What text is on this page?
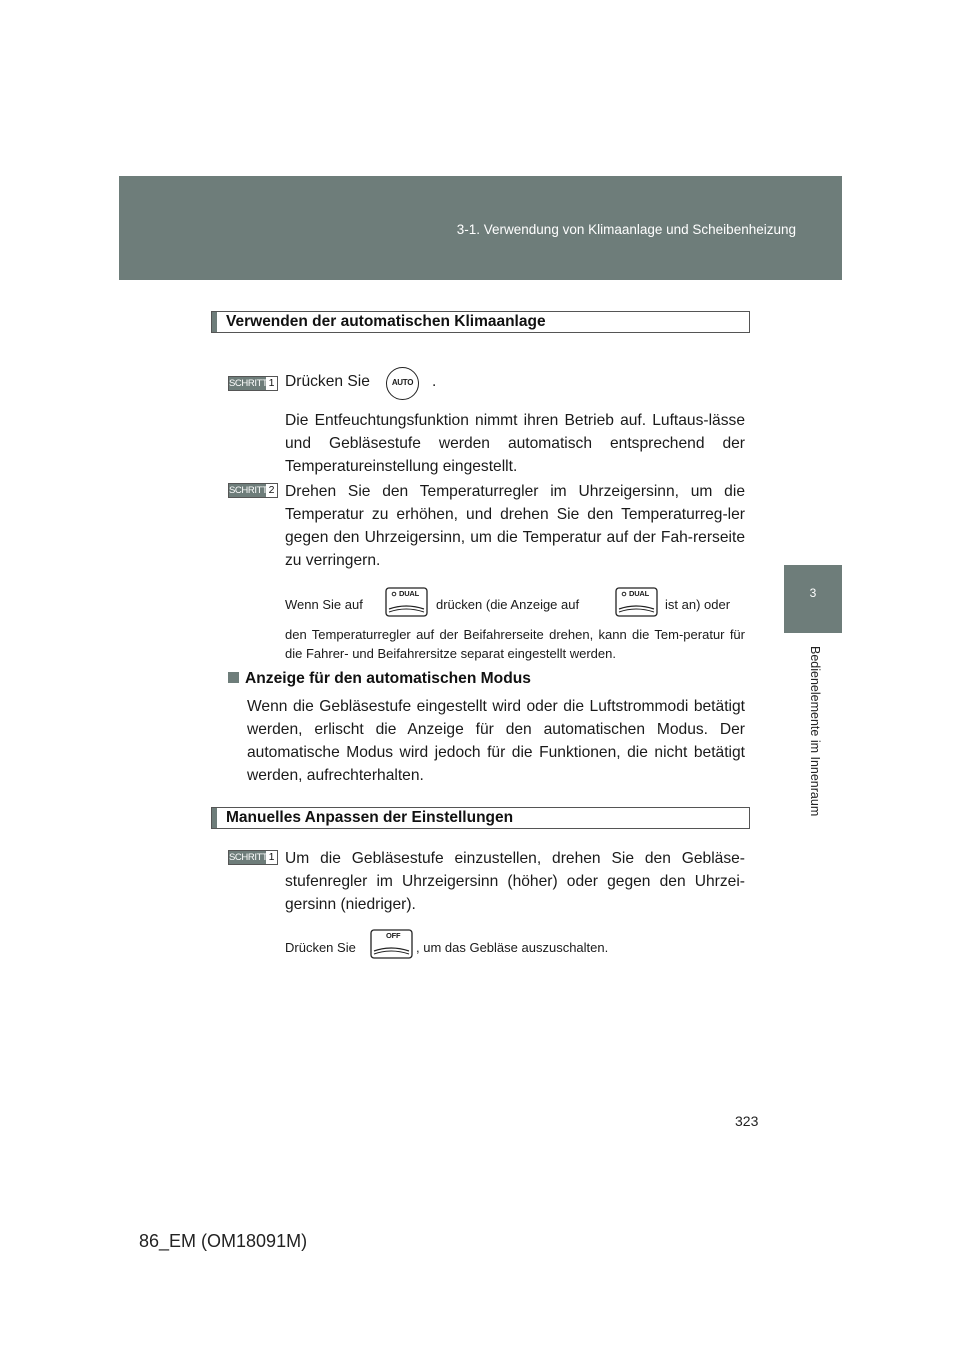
3-1. Verwendung von Klimaanlage und Scheibenheizung
3
Bedienelemente im Innenraum
Verwenden der automatischen Klimaanlage
SCHRITT 1 Drücken Sie	AUTO	.
Die Entfeuchtungsfunktion nimmt ihren Betrieb auf. Luftaus-lässe und Gebläsestufe werden automatisch entsprechend der Temperatureinstellung eingestellt.
SCHRITT 2 Drehen Sie den Temperaturregler im Uhrzeigersinn, um die Temperatur zu erhöhen, und drehen Sie den Temperaturreg-ler gegen den Uhrzeigersinn, um die Temperatur auf der Fah-rerseite zu verringern.
Wenn Sie auf
DUAL
drücken (die Anzeige auf
DUAL
ist an) oder
den Temperaturregler auf der Beifahrerseite drehen, kann die Tem-peratur für die Fahrer- und Beifahrersitze separat eingestellt werden.
Anzeige für den automatischen Modus
Wenn die Gebläsestufe eingestellt wird oder die Luftstrommodi betätigt werden, erlischt die Anzeige für den automatischen Modus. Der automatische Modus wird jedoch für die Funktionen, die nicht betätigt werden, aufrechterhalten.
Manuelles Anpassen der Einstellungen
SCHRITT 1 Um die Gebläsestufe einzustellen, drehen Sie den Gebläse-stufenregler im Uhrzeigersinn (höher) oder gegen den Uhrzei-gersinn (niedriger).
Drücken Sie
OFF
, um das Gebläse auszuschalten.
323
86_EM (OM18091M)
